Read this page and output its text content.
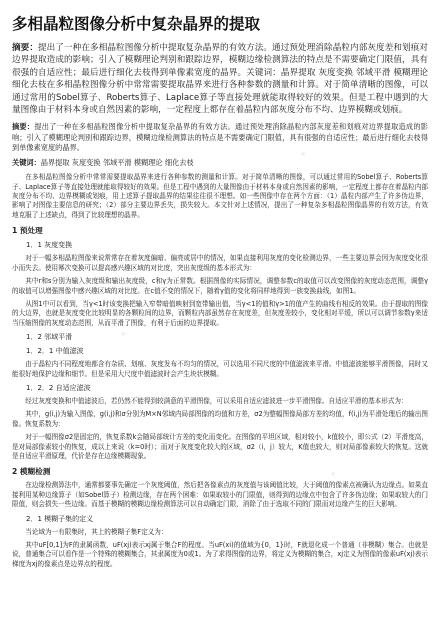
多相晶粒图像分析中复杂晶界的提取

摘要：提出了一种在多相晶粒图像分析中提取复杂晶界的有效方法。通过预处理消除晶粒内部灰度差和划痕对边界提取造成的影响；引入了模糊理论判别和跟踪边界，模糊边缘检测算法的特点是不需要确定门限值，具有很强的自适应性；最后进行细化去枝得到单像素宽度的晶界。关键词：晶界提取 灰度变换 邻域平滑 模糊理论 细化去枝在多相晶粒图像分析中常常需要提取晶界来进行各种参数的测量和计算。对于简单清晰的图像，可以通过常用的Sobel算子、Roberts算子、Laplace算子等直接处理就能取得较好的效果。但是工程中遇到的大量图像由于材料本身或自然因素的影响，一定程度上都存在着晶粒内部灰度分布不均、边界模糊或划痕。

摘要：提出了一种在多相晶粒图像分析中提取复杂晶界的有效方法。通过预处理消除晶粒内部灰度差和划痕对边界提取造成的影响；引入了模糊理论判别和跟踪边界，模糊边缘检测算法的特点是不需要确定门限值，具有很强的自适应性；最后进行细化去枝得到单像素宽度的晶界。

关键词：晶界提取 灰度变换 邻域平滑 模糊理论 细化去枝

在多相晶粒图像分析中常常需要提取晶界来进行各种参数的测量和计算。对于简单清晰的图像，可以通过常用的Sobel算子、Roberts算子、Laplace算子等直接处理就能取得较好的效果。但是工程中遇到的大量图像由于材料本身或自然因素的影响，一定程度上都存在着晶粒内部灰度分布不均、边界模糊或划痕，用上述算子提取晶界的结果往往很不理想。如一些图像中存在两个方面：（1）晶粒内部产生了许多伪边界，影响了对图像主要信息的研究；（2）部分主要边界丢失，损失较大。本文针对上述情况，提出了一种复杂多相晶粒图像晶界的有效方法，有效地克服了上述缺点，得到了比较理想的晶界。

1 预处理
1．1 灰度变换

对于一幅多相晶粒图像来说常常存在着灰度偏暗、偏亮或居中的情况，如果直接利用灰度的变化检测边界，一些主要边界会因为灰度变化很小而失去。使用幂次变换可以提高感兴趣区域的对比度，突出灰度级的基本形式为：

其中r和s分别为输入灰度级和输出灰度级，c和γ为正常数。根据图像的实际情况，调整参数c的取值可以改变图像的灰度动态范围，调整γ的取值可以增强图像中感兴趣区域的对比度。在c值不变的情况下，随着γ值的变化将同样地得到一族变换曲线，如图1。

从图1中可以看到，当γ<1时该变换把输入窄带暗值映射到宽带输出值，当γ<1的值和γ>1的值产生的曲线有相反的效果。由于提取的图像的大边界，也就是灰度变化比较明显的各颗粒间的边界，而颗粒内部虽然存在灰度差，但灰度差较小，变化相对平缓，所以可以调节参数γ来适当压缩图像的灰度动态范围，从而平滑了图像，有利于后面的边界提取。

1．2 邻域平滑
1．2．1 中值滤波

由于晶粒内不同程度地都含有杂质、划痕、灰度发布不均匀的情况，可以选用不同尺度的中值滤波来平滑。中值滤波能够平滑图像，同时又能很好地保护边缘和细节。但是采用大尺度中值滤波时会产生块状模糊。

1．2．2 自适应滤波

经过灰度变换和中值滤波后，若仍然不能得到较满意的平滑图像，可以采用自适应滤波进一步平滑图像。自适应平滑的基本形式为：

其中，g(i,j)为输入图像，g(i,j)和σ分别为M×N邻域内局部图像的均值和方差，σ2为整幅图像局部方差的均值，f(i,j)为平滑处理后的输出图像。恢复系数为：

对于一幅图像σ2是固定的，恢复系数k会随局部统计方差的变化而变化。在图像的平坦区域，相对较小，k值较小，即公式（2）平滑度高，是对局部像素较小的恢复，成以上来说（k=0时）；而对于灰度变化较大的区域，σ2（i，j）较大，K值也较大，则对局部像素较大的恢复。这就是自适应平滑原理，代价是存在边缘模糊现象。

2 模糊检测

在边缘检测算法中，通常都要事先确定一个灰度阈值，然后把各像素点的灰度值与该阈值比较，大于阈值的像素点被确认为边缘点。如果直接利用某种边缘算子（如Sobel算子）检测边缘，存在两个困难：如果取较小的门限值，则得到的边缘点中包含了许多伪边缘；如果取较大的门限值，则会损失一些边缘。而基于模糊的模糊边缘检测算法可以自动确定门限，消除了由于选取不同的门限而对边缘产生的巨大影响。

2．1 模糊子集的定义

当论域为一有限集时，其上的模糊子集F定义为：

其中uF[0,1]为F的隶属函数，uF(xj)表示xj属于集合F的程度。当uF(xi)的值域为{0，1}时，F就退化成一个普通（非模糊）集合。也就是说，普通集合可以看作是一个特殊的模糊集合，其隶属度为0或1。为了求得图像的边界，将定义为模糊的集合，xj定义为图像的像素uF(xj)表示梯度为xj的像素点是边界点的程度。

✦
✦
✦
